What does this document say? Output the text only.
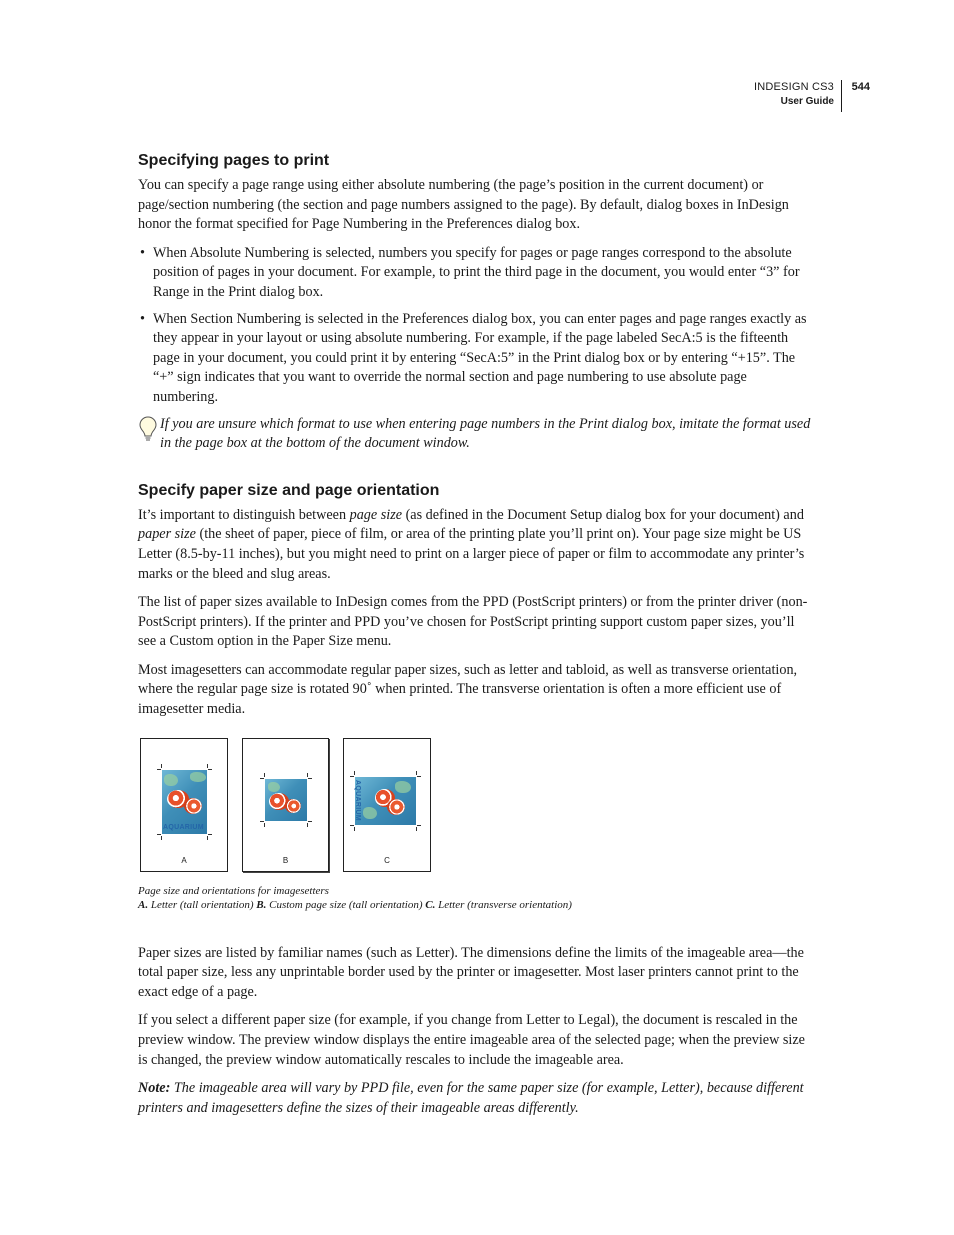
INDESIGN CS3
User Guide
544
Specifying pages to print

You can specify a page range using either absolute numbering (the page’s position in the current document) or page/section numbering (the section and page numbers assigned to the page). By default, dialog boxes in InDesign honor the format specified for Page Numbering in the Preferences dialog box.

• When Absolute Numbering is selected, numbers you specify for pages or page ranges correspond to the absolute position of pages in your document. For example, to print the third page in the document, you would enter “3” for Range in the Print dialog box.
• When Section Numbering is selected in the Preferences dialog box, you can enter pages and page ranges exactly as they appear in your layout or using absolute numbering. For example, if the page labeled SecA:5 is the fifteenth page in your document, you could print it by entering “SecA:5” in the Print dialog box or by entering “+15”. The “+” sign indicates that you want to override the normal section and page numbering to use absolute page numbering.
If you are unsure which format to use when entering page numbers in the Print dialog box, imitate the format used in the page box at the bottom of the document window.
Specify paper size and page orientation

It’s important to distinguish between page size (as defined in the Document Setup dialog box for your document) and paper size (the sheet of paper, piece of film, or area of the printing plate you’ll print on). Your page size might be US Letter (8.5-by-11 inches), but you might need to print on a larger piece of paper or film to accommodate any printer’s marks or the bleed and slug areas.

The list of paper sizes available to InDesign comes from the PPD (PostScript printers) or from the printer driver (non-PostScript printers). If the printer and PPD you’ve chosen for PostScript printing support custom paper sizes, you’ll see a Custom option in the Paper Size menu.

Most imagesetters can accommodate regular paper sizes, such as letter and tabloid, as well as transverse orientation, where the regular page size is rotated 90˚ when printed. The transverse orientation is often a more efficient use of imagesetter media.

AQUARIUM
A	B
AQUARIUM
C
Page size and orientations for imagesetters
A. Letter (tall orientation) B. Custom page size (tall orientation) C. Letter (transverse orientation)

Paper sizes are listed by familiar names (such as Letter). The dimensions define the limits of the imageable area—the total paper size, less any unprintable border used by the printer or imagesetter. Most laser printers cannot print to the exact edge of a page.

If you select a different paper size (for example, if you change from Letter to Legal), the document is rescaled in the preview window. The preview window displays the entire imageable area of the selected page; when the preview size is changed, the preview window automatically rescales to include the imageable area.

Note: The imageable area will vary by PPD file, even for the same paper size (for example, Letter), because different printers and imagesetters define the sizes of their imageable areas differently.
